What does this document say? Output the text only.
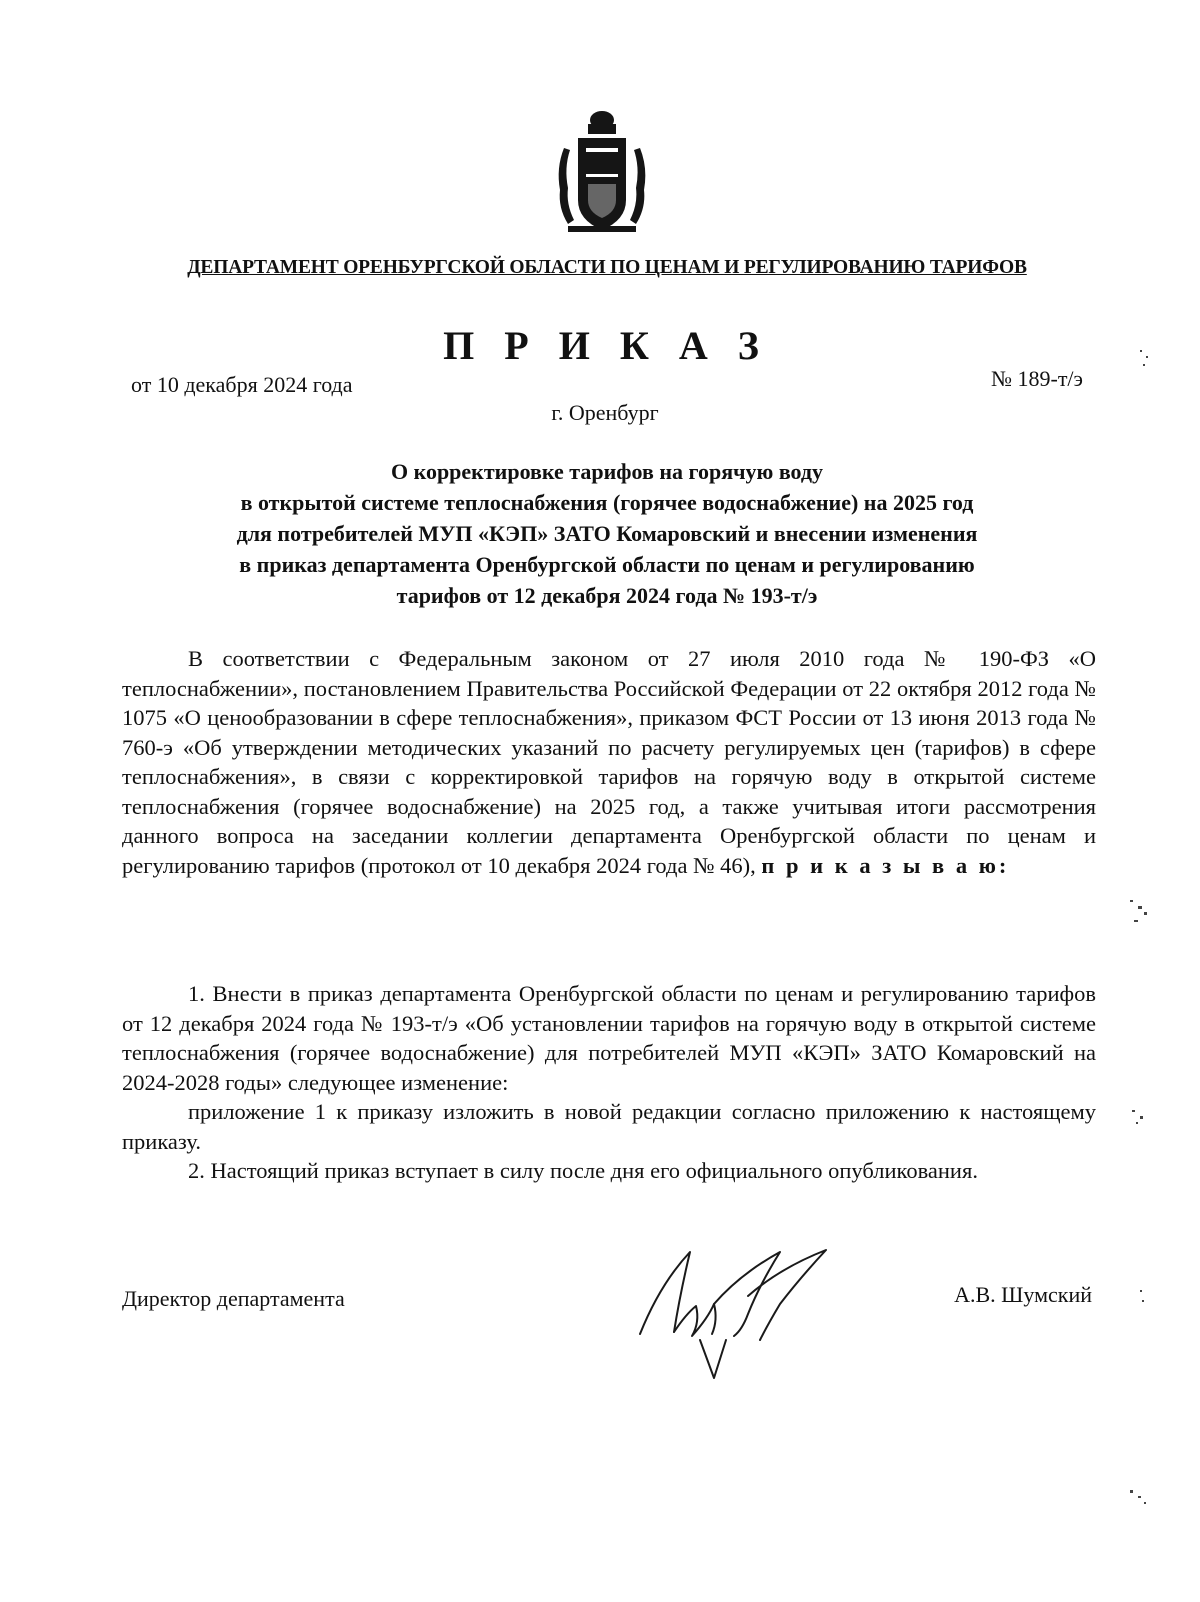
ДЕПАРТАМЕНТ ОРЕНБУРГСКОЙ ОБЛАСТИ ПО ЦЕНАМ И РЕГУЛИРОВАНИЮ ТАРИФОВ
П Р И К А З
от 10 декабря 2024 года	№ 189-т/э
г. Оренбург
О корректировке тарифов на горячую воду
в открытой системе теплоснабжения (горячее водоснабжение) на 2025 год
для потребителей МУП «КЭП» ЗАТО Комаровский и внесении изменения
в приказ департамента Оренбургской области по ценам и регулированию
тарифов от 12 декабря 2024 года № 193-т/э
В соответствии с Федеральным законом от 27 июля 2010 года № 190-ФЗ «О теплоснабжении», постановлением Правительства Российской Федерации от 22 октября 2012 года № 1075 «О ценообразовании в сфере теплоснабжения», приказом ФСТ России от 13 июня 2013 года № 760-э «Об утверждении методических указаний по расчету регулируемых цен (тарифов) в сфере теплоснабжения», в связи с корректировкой тарифов на горячую воду в открытой системе теплоснабжения (горячее водоснабжение) на 2025 год, а также учитывая итоги рассмотрения данного вопроса на заседании коллегии департамента Оренбургской области по ценам и регулированию тарифов (протокол от 10 декабря 2024 года № 46), п р и к а з ы в а ю:
1. Внести в приказ департамента Оренбургской области по ценам и регулированию тарифов от 12 декабря 2024 года № 193-т/э «Об установлении тарифов на горячую воду в открытой системе теплоснабжения (горячее водоснабжение) для потребителей МУП «КЭП» ЗАТО Комаровский на 2024-2028 годы» следующее изменение:
приложение 1 к приказу изложить в новой редакции согласно приложению к настоящему приказу.
2. Настоящий приказ вступает в силу после дня его официального опубликования.
Директор департамента	А.В. Шумский
